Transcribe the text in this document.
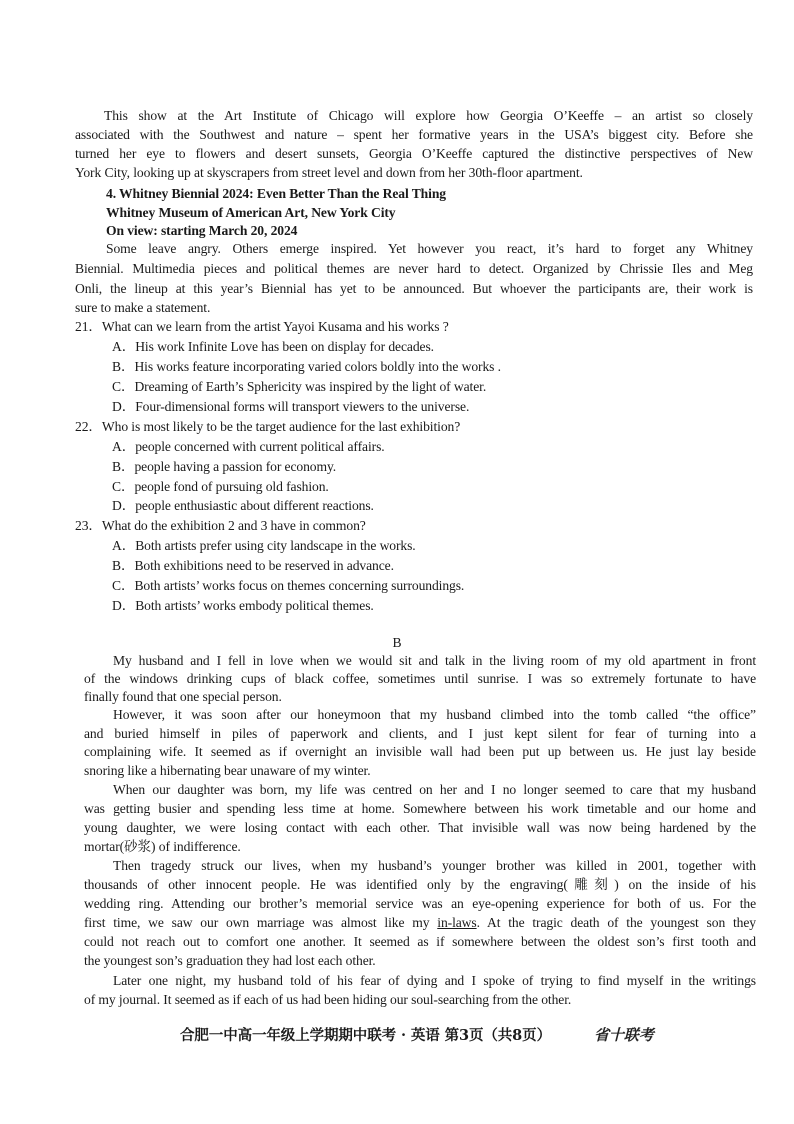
This show at the Art Institute of Chicago will explore how Georgia O’Keeffe – an artist so closely
associated with the Southwest and nature – spent her formative years in the USA’s biggest city. Before she
turned her eye to flowers and desert sunsets, Georgia O’Keeffe captured the distinctive perspectives of New
York City, looking up at skyscrapers from street level and down from her 30th-floor apartment.
4. Whitney Biennial 2024: Even Better Than the Real Thing
Whitney Museum of American Art, New York City
On view: starting March 20, 2024
Some leave angry. Others emerge inspired. Yet however you react, it’s hard to forget any Whitney
Biennial. Multimedia pieces and political themes are never hard to detect. Organized by Chrissie Iles and Meg
Onli, the lineup at this year’s Biennial has yet to be announced. But whoever the participants are, their work is
sure to make a statement.
21．What can we learn from the artist Yayoi Kusama and his works ?
A．His work Infinite Love has been on display for decades.
B．His works feature incorporating varied colors boldly into the works .
C．Dreaming of Earth’s Sphericity was inspired by the light of water.
D．Four-dimensional forms will transport viewers to the universe.
22．Who is most likely to be the target audience for the last exhibition?
A．people concerned with current political affairs.
B．people having a passion for economy.
C．people fond of pursuing old fashion.
D．people enthusiastic about different reactions.
23．What do the exhibition 2 and 3 have in common?
A．Both artists prefer using city landscape in the works.
B．Both exhibitions need to be reserved in advance.
C．Both artists’ works focus on themes concerning surroundings.
D．Both artists’ works embody political themes.
B
My husband and I fell in love when we would sit and talk in the living room of my old apartment in front
of the windows drinking cups of black coffee, sometimes until sunrise. I was so extremely fortunate to have
finally found that one special person.
However, it was soon after our honeymoon that my husband climbed into the tomb called “the office”
and buried himself in piles of paperwork and clients, and I just kept silent for fear of turning into a
complaining wife. It seemed as if overnight an invisible wall had been put up between us. He just lay beside
snoring like a hibernating bear unaware of my winter.
When our daughter was born, my life was centred on her and I no longer seemed to care that my husband
was getting busier and spending less time at home. Somewhere between his work timetable and our home and
young daughter, we were losing contact with each other. That invisible wall was now being hardened by the
mortar(砂浆) of indifference.
Then tragedy struck our lives, when my husband’s younger brother was killed in 2001, together with
thousands of other innocent people. He was identified only by the engraving(雕刻) on the inside of his
wedding ring. Attending our brother’s memorial service was an eye-opening experience for both of us. For the
first time, we saw our own marriage was almost like my in-laws. At the tragic death of the youngest son they
could not reach out to comfort one another. It seemed as if somewhere between the oldest son’s first tooth and
the youngest son’s graduation they had lost each other.
Later one night, my husband told of his fear of dying and I spoke of trying to find myself in the writings
of my journal. It seemed as if each of us had been hiding our soul-searching from the other.
合肥一中高一年级上学期期中联考 · 英语 第3页（共8页）	省十联考
